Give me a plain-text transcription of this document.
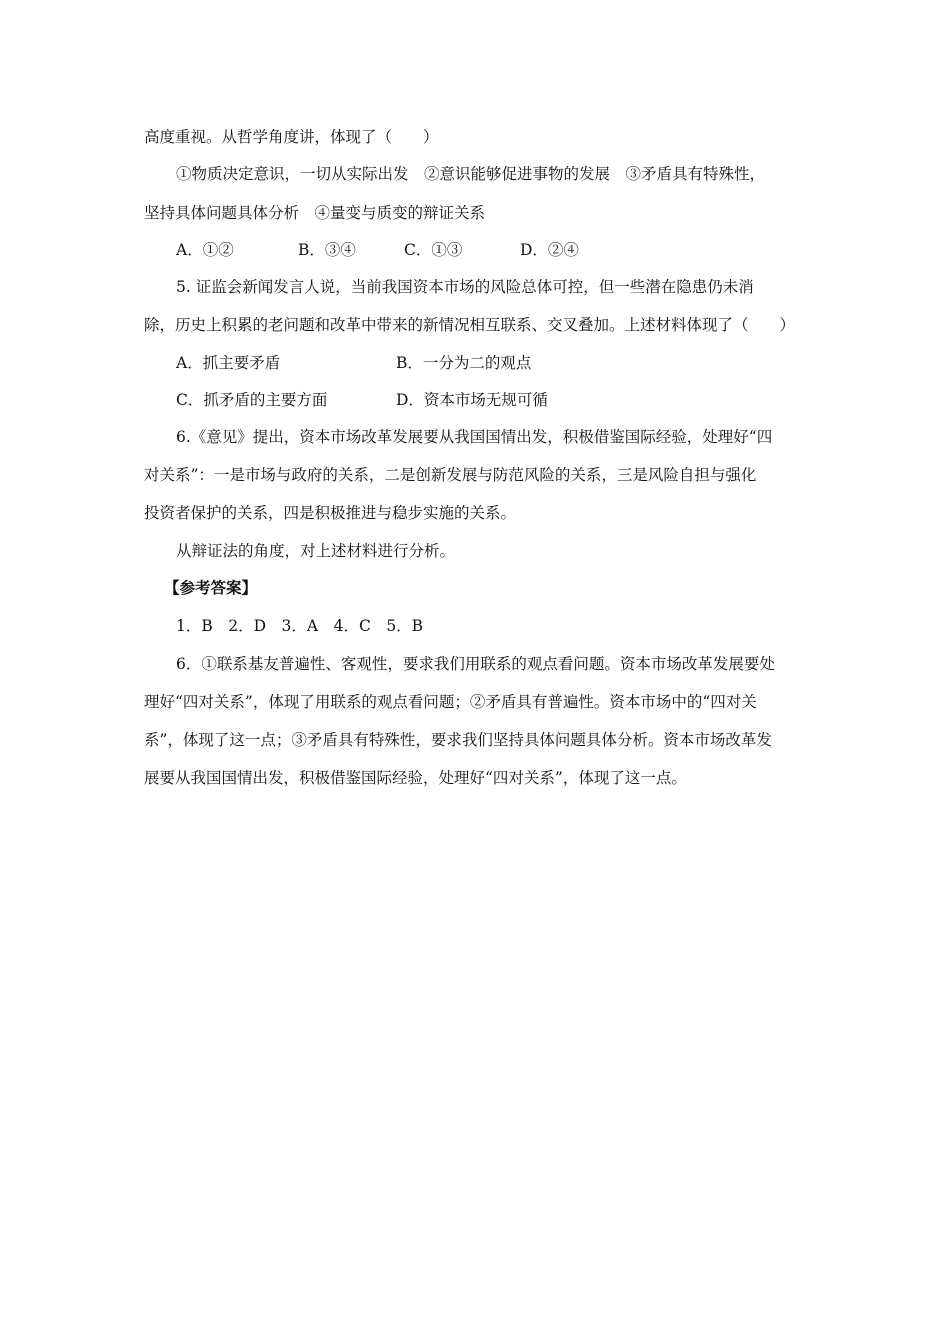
高度重视。从哲学角度讲，体现了（　　）
①物质决定意识，一切从实际出发　②意识能够促进事物的发展　③矛盾具有特殊性，
坚持具体问题具体分析　④量变与质变的辩证关系
A．①②	B．③④	C．①③	D．②④
5. 证监会新闻发言人说，当前我国资本市场的风险总体可控，但一些潜在隐患仍未消
除，历史上积累的老问题和改革中带来的新情况相互联系、交叉叠加。上述材料体现了（　　）
A．抓主要矛盾	B．一分为二的观点
C．抓矛盾的主要方面	D．资本市场无规可循
6.《意见》提出，资本市场改革发展要从我国国情出发，积极借鉴国际经验，处理好“四
对关系”：一是市场与政府的关系，二是创新发展与防范风险的关系，三是风险自担与强化
投资者保护的关系，四是积极推进与稳步实施的关系。
从辩证法的角度，对上述材料进行分析。
【参考答案】
1．B　2．D　3．A　4．C　5．B
6．①联系基友普遍性、客观性，要求我们用联系的观点看问题。资本市场改革发展要处
理好“四对关系”，体现了用联系的观点看问题；②矛盾具有普遍性。资本市场中的“四对关
系”，体现了这一点；③矛盾具有特殊性，要求我们坚持具体问题具体分析。资本市场改革发
展要从我国国情出发，积极借鉴国际经验，处理好“四对关系”，体现了这一点。
